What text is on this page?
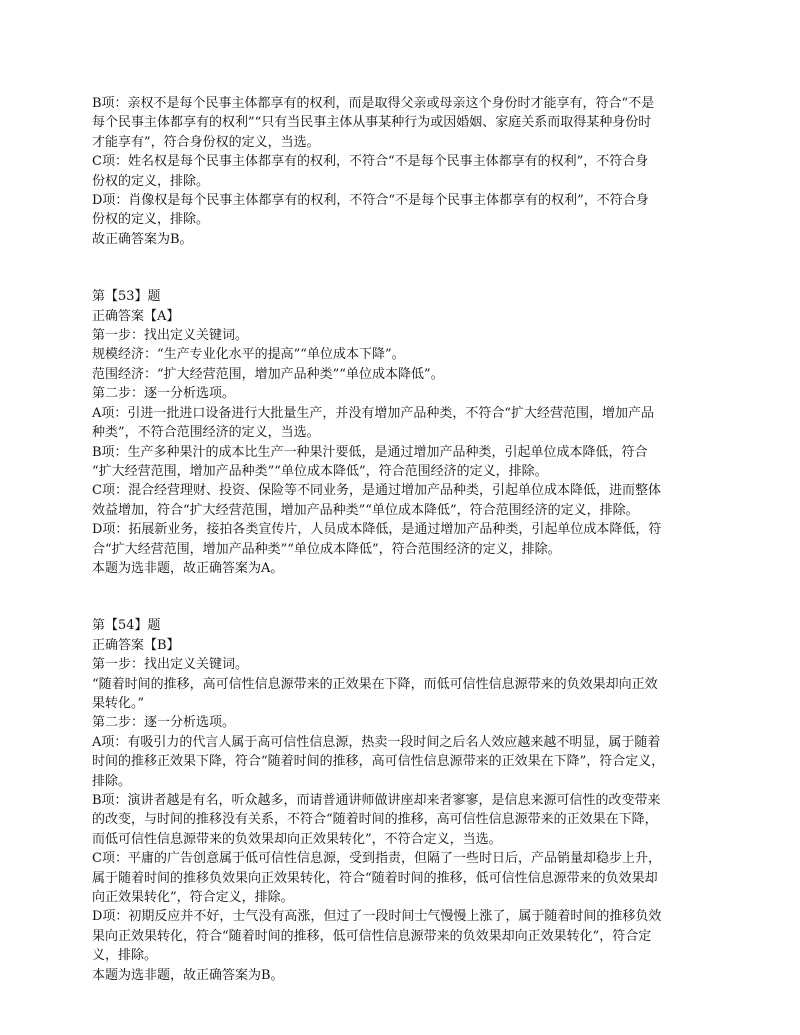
B项：亲权不是每个民事主体都享有的权利，而是取得父亲或母亲这个身份时才能享有，符合“不是
每个民事主体都享有的权利”“只有当民事主体从事某种行为或因婚姻、家庭关系而取得某种身份时
才能享有”，符合身份权的定义，当选。
C项：姓名权是每个民事主体都享有的权利，不符合“不是每个民事主体都享有的权利”，不符合身
份权的定义，排除。
D项：肖像权是每个民事主体都享有的权利，不符合“不是每个民事主体都享有的权利”，不符合身
份权的定义，排除。
故正确答案为B。
第【53】题
正确答案【A】
第一步：找出定义关键词。
规模经济：“生产专业化水平的提高”“单位成本下降”。
范围经济：“扩大经营范围，增加产品种类”“单位成本降低”。
第二步：逐一分析选项。
A项：引进一批进口设备进行大批量生产，并没有增加产品种类，不符合“扩大经营范围，增加产品
种类”，不符合范围经济的定义，当选。
B项：生产多种果汁的成本比生产一种果汁要低，是通过增加产品种类，引起单位成本降低，符合
“扩大经营范围，增加产品种类”“单位成本降低”，符合范围经济的定义，排除。
C项：混合经营理财、投资、保险等不同业务，是通过增加产品种类，引起单位成本降低，进而整体
效益增加，符合“扩大经营范围，增加产品种类”“单位成本降低”，符合范围经济的定义，排除。
D项：拓展新业务，接拍各类宣传片，人员成本降低，是通过增加产品种类，引起单位成本降低，符
合“扩大经营范围，增加产品种类”“单位成本降低”，符合范围经济的定义，排除。
本题为选非题，故正确答案为A。
第【54】题
正确答案【B】
第一步：找出定义关键词。
“随着时间的推移，高可信性信息源带来的正效果在下降，而低可信性信息源带来的负效果却向正效
果转化。”
第二步：逐一分析选项。
A项：有吸引力的代言人属于高可信性信息源，热卖一段时间之后名人效应越来越不明显，属于随着
时间的推移正效果下降，符合“随着时间的推移，高可信性信息源带来的正效果在下降”，符合定义，
排除。
B项：演讲者越是有名，听众越多，而请普通讲师做讲座却来者寥寥，是信息来源可信性的改变带来
的改变，与时间的推移没有关系，不符合“随着时间的推移，高可信性信息源带来的正效果在下降，
而低可信性信息源带来的负效果却向正效果转化”，不符合定义，当选。
C项：平庸的广告创意属于低可信性信息源，受到指责，但隔了一些时日后，产品销量却稳步上升，
属于随着时间的推移负效果向正效果转化，符合“随着时间的推移，低可信性信息源带来的负效果却
向正效果转化”，符合定义，排除。
D项：初期反应并不好，士气没有高涨，但过了一段时间士气慢慢上涨了，属于随着时间的推移负效
果向正效果转化，符合“随着时间的推移，低可信性信息源带来的负效果却向正效果转化”，符合定
义，排除。
本题为选非题，故正确答案为B。
